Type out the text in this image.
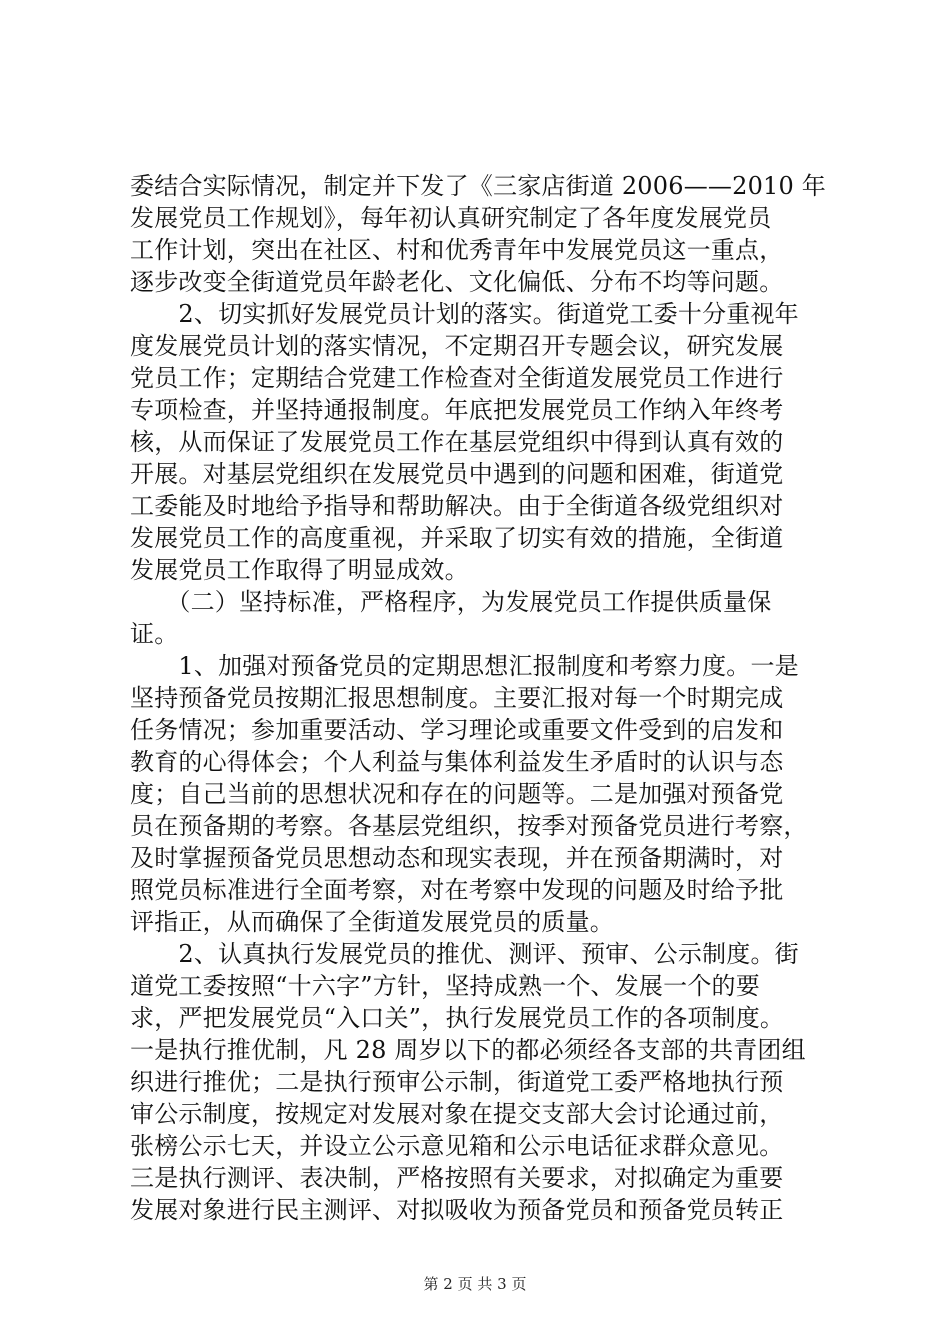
委结合实际情况，制定并下发了《三家店街道 2006——2010 年
发展党员工作规划》，每年初认真研究制定了各年度发展党员
工作计划，突出在社区、村和优秀青年中发展党员这一重点，
逐步改变全街道党员年龄老化、文化偏低、分布不均等问题。
　　2、切实抓好发展党员计划的落实。街道党工委十分重视年
度发展党员计划的落实情况，不定期召开专题会议，研究发展
党员工作；定期结合党建工作检查对全街道发展党员工作进行
专项检查，并坚持通报制度。年底把发展党员工作纳入年终考
核，从而保证了发展党员工作在基层党组织中得到认真有效的
开展。对基层党组织在发展党员中遇到的问题和困难，街道党
工委能及时地给予指导和帮助解决。由于全街道各级党组织对
发展党员工作的高度重视，并采取了切实有效的措施，全街道
发展党员工作取得了明显成效。
　　（二）坚持标准，严格程序，为发展党员工作提供质量保
证。
　　1、加强对预备党员的定期思想汇报制度和考察力度。一是
坚持预备党员按期汇报思想制度。主要汇报对每一个时期完成
任务情况；参加重要活动、学习理论或重要文件受到的启发和
教育的心得体会；个人利益与集体利益发生矛盾时的认识与态
度；自己当前的思想状况和存在的问题等。二是加强对预备党
员在预备期的考察。各基层党组织，按季对预备党员进行考察，
及时掌握预备党员思想动态和现实表现，并在预备期满时，对
照党员标准进行全面考察，对在考察中发现的问题及时给予批
评指正，从而确保了全街道发展党员的质量。
　　2、认真执行发展党员的推优、测评、预审、公示制度。街
道党工委按照“十六字”方针，坚持成熟一个、发展一个的要
求，严把发展党员“入口关”，执行发展党员工作的各项制度。
一是执行推优制，凡 28 周岁以下的都必须经各支部的共青团组
织进行推优；二是执行预审公示制，街道党工委严格地执行预
审公示制度，按规定对发展对象在提交支部大会讨论通过前，
张榜公示七天，并设立公示意见箱和公示电话征求群众意见。
三是执行测评、表决制，严格按照有关要求，对拟确定为重要
发展对象进行民主测评、对拟吸收为预备党员和预备党员转正
第 2 页 共 3 页
